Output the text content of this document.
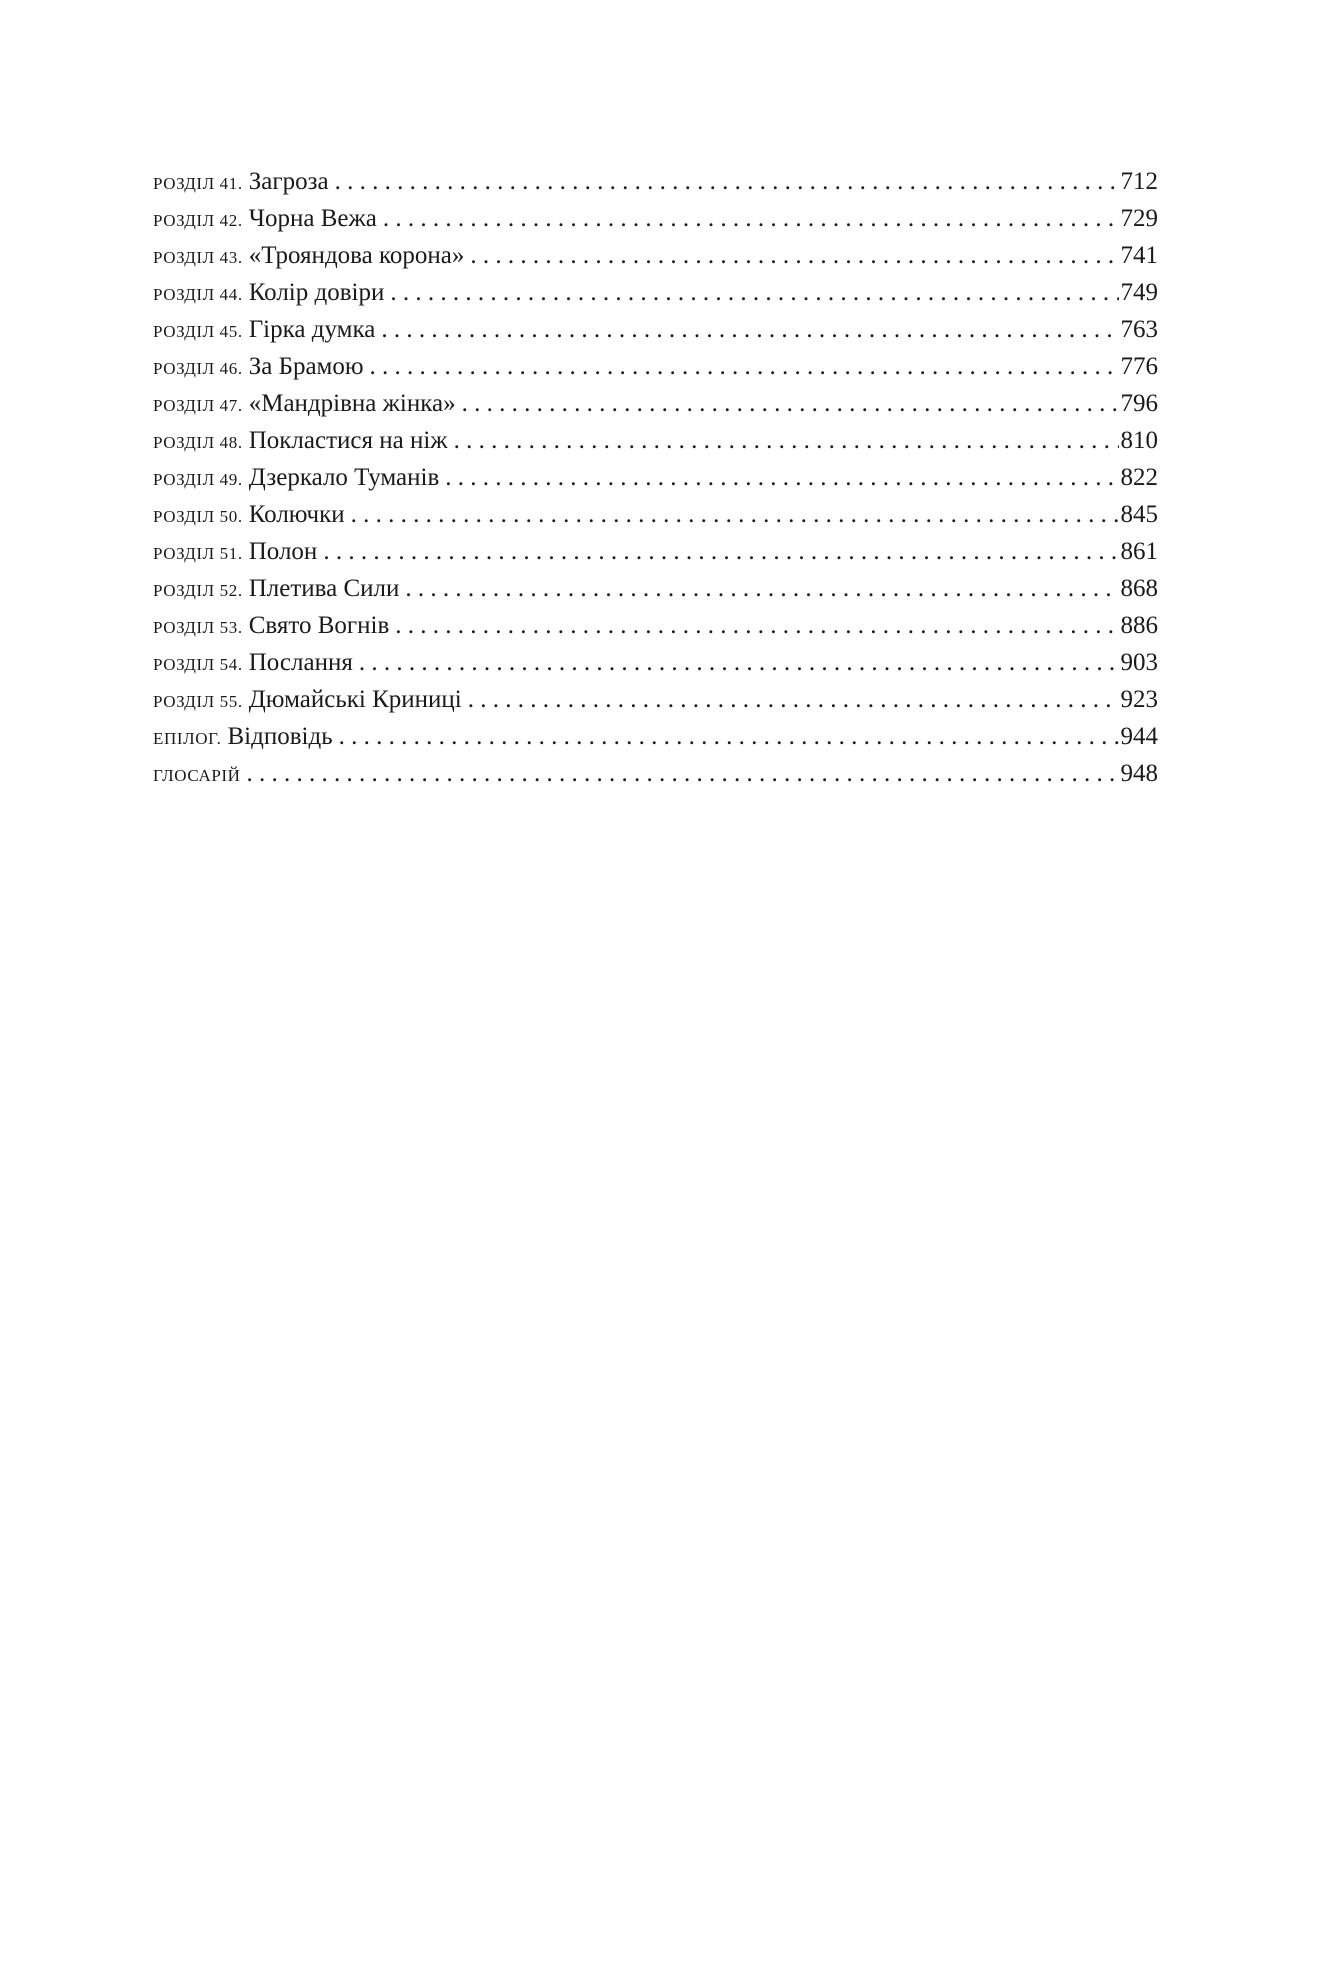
РОЗДІЛ 41. Загроза . . .	712
РОЗДІЛ 42. Чорна Вежа . . .	729
РОЗДІЛ 43. «Трояндова корона» . . .	741
РОЗДІЛ 44. Колір довіри . . .	749
РОЗДІЛ 45. Гірка думка . . .	763
РОЗДІЛ 46. За Брамою . . .	776
РОЗДІЛ 47. «Мандрівна жінка» . . .	796
РОЗДІЛ 48. Покластися на ніж . . .	810
РОЗДІЛ 49. Дзеркало Туманів . . .	822
РОЗДІЛ 50. Колючки . . .	845
РОЗДІЛ 51. Полон . . .	861
РОЗДІЛ 52. Плетива Сили . . .	868
РОЗДІЛ 53. Свято Вогнів . . .	886
РОЗДІЛ 54. Послання . . .	903
РОЗДІЛ 55. Дюмайські Криниці . . .	923
ЕПІЛОГ. Відповідь . . .	944
ГЛОСАРІЙ . . .	948
